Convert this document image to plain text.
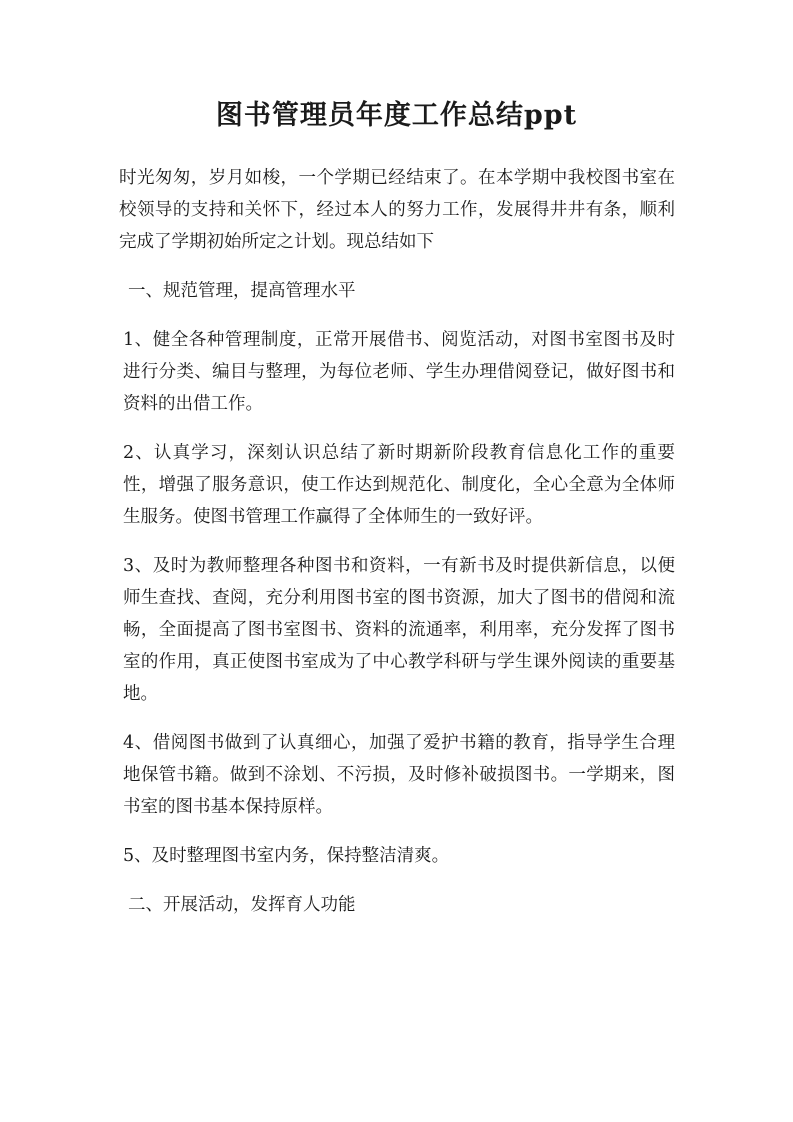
图书管理员年度工作总结ppt

时光匆匆，岁月如梭，一个学期已经结束了。在本学期中我校图书室在校领导的支持和关怀下，经过本人的努力工作，发展得井井有条，顺利完成了学期初始所定之计划。现总结如下

一、规范管理，提高管理水平

1、健全各种管理制度，正常开展借书、阅览活动，对图书室图书及时进行分类、编目与整理，为每位老师、学生办理借阅登记，做好图书和资料的出借工作。

2、认真学习，深刻认识总结了新时期新阶段教育信息化工作的重要性，增强了服务意识，使工作达到规范化、制度化，全心全意为全体师生服务。使图书管理工作赢得了全体师生的一致好评。

3、及时为教师整理各种图书和资料，一有新书及时提供新信息，以便师生查找、查阅，充分利用图书室的图书资源，加大了图书的借阅和流畅，全面提高了图书室图书、资料的流通率，利用率，充分发挥了图书室的作用，真正使图书室成为了中心教学科研与学生课外阅读的重要基地。

4、借阅图书做到了认真细心，加强了爱护书籍的教育，指导学生合理地保管书籍。做到不涂划、不污损，及时修补破损图书。一学期来，图书室的图书基本保持原样。

5、及时整理图书室内务，保持整洁清爽。

二、开展活动，发挥育人功能
